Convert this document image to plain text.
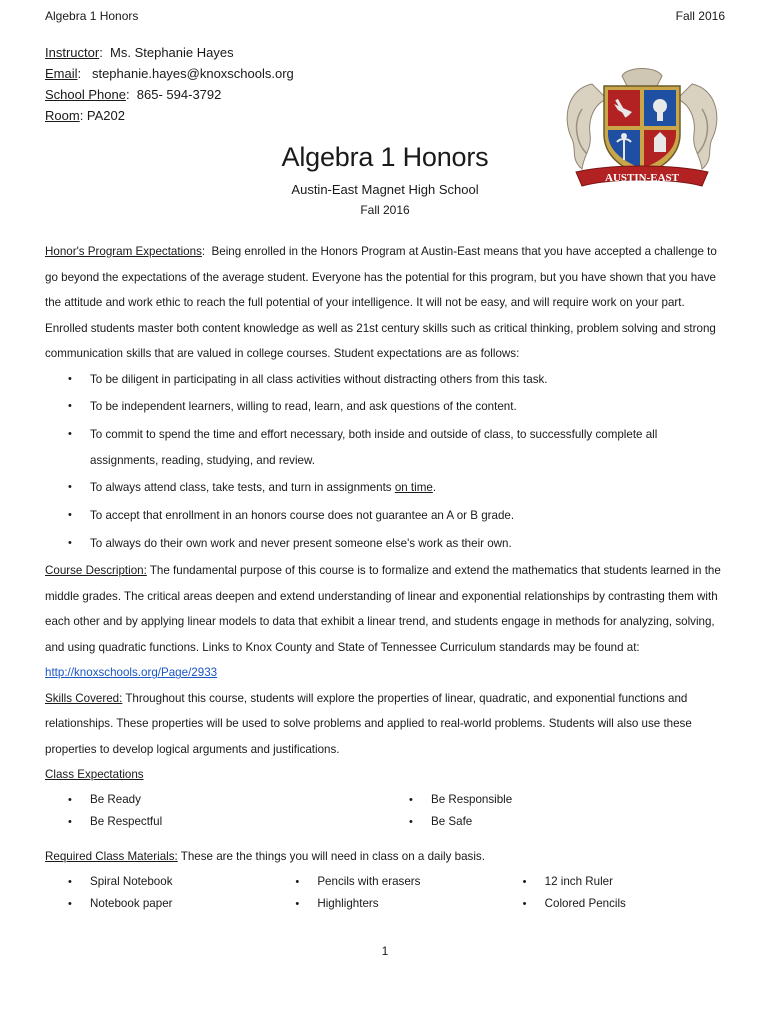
Algebra 1 Honors	Fall 2016
Instructor:  Ms. Stephanie Hayes
Email:   stephanie.hayes@knoxschools.org
School Phone:  865- 594-3792
Room: PA202
AUSTIN-EAST
Algebra 1 Honors
Austin-East Magnet High School
Fall 2016

Honor's Program Expectations:  Being enrolled in the Honors Program at Austin-East means that you have accepted a challenge to go beyond the expectations of the average student. Everyone has the potential for this program, but you have shown that you have the attitude and work ethic to reach the full potential of your intelligence. It will not be easy, and will require work on your part. Enrolled students master both content knowledge as well as 21st century skills such as critical thinking, problem solving and strong communication skills that are valued in college courses. Student expectations are as follows:

• To be diligent in participating in all class activities without distracting others from this task.
• To be independent learners, willing to read, learn, and ask questions of the content.
• To commit to spend the time and effort necessary, both inside and outside of class, to successfully complete all assignments, reading, studying, and review.
• To always attend class, take tests, and turn in assignments on time.
• To accept that enrollment in an honors course does not guarantee an A or B grade.
• To always do their own work and never present someone else's work as their own.

Course Description: The fundamental purpose of this course is to formalize and extend the mathematics that students learned in the middle grades. The critical areas deepen and extend understanding of linear and exponential relationships by contrasting them with each other and by applying linear models to data that exhibit a linear trend, and students engage in methods for analyzing, solving, and using quadratic functions. Links to Knox County and State of Tennessee Curriculum standards may be found at: http://knoxschools.org/Page/2933

Skills Covered: Throughout this course, students will explore the properties of linear, quadratic, and exponential functions and relationships. These properties will be used to solve problems and applied to real-world problems. Students will also use these properties to develop logical arguments and justifications.

Class Expectations

• Be Ready
• Be Respectful
• Be Responsible
• Be Safe

Required Class Materials: These are the things you will need in class on a daily basis.

• Spiral Notebook
• Notebook paper
• Pencils with erasers
• Highlighters
• 12 inch Ruler
• Colored Pencils
1
